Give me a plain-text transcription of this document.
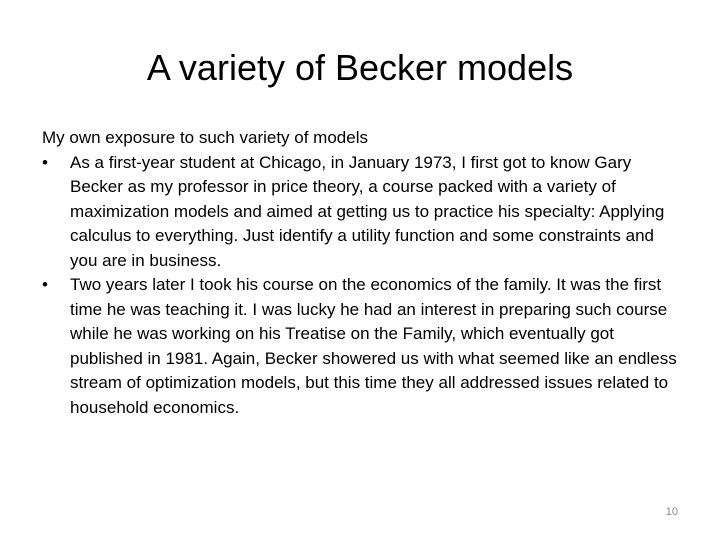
A variety of Becker models

My own exposure to such variety of models

•	As a first-year student at Chicago, in January 1973, I first got to know Gary Becker as my professor in price theory, a course packed with a variety of maximization models and aimed at getting us to practice his specialty: Applying calculus to everything. Just identify a utility function and some constraints and you are in business.
•	Two years later I took his course on the economics of the family. It was the first time he was teaching it. I was lucky he had an interest in preparing such course while he was working on his Treatise on the Family, which eventually got published in 1981. Again, Becker showered us with what seemed like an endless stream of optimization models, but this time they all addressed issues related to household economics.
10
